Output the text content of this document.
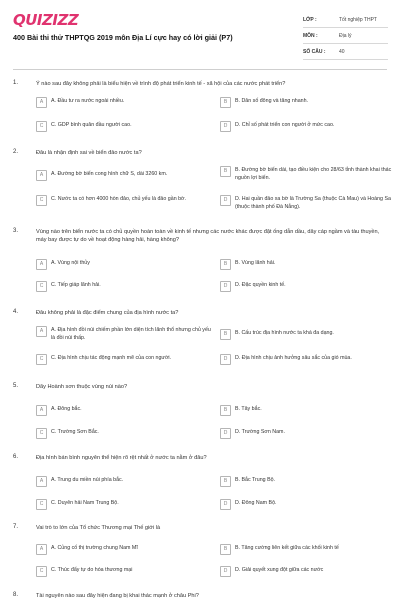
QUIZIZZ
400 Bài thi thử THPTQG 2019 môn Địa Lí cực hay có lời giải (P7)
LỚP :	Tốt nghiệp THPT
MÔN :	Địa lý
SỐ CÂU :	40
1.	Ý nào sau đây không phải là biểu hiện về trình độ phát triển kinh tế - xã hội của các nước phát triển?
A	A. Đầu tư ra nước ngoài nhiều.	B	B. Dân số đông và tăng nhanh.
C	C. GDP bình quân đầu người cao.	D	D. Chỉ số phát triển con người ở mức cao.
2.	Đâu là nhận định sai về biển đảo nước ta?
A	A. Đường bờ biển cong hình chữ S, dài 3260 km.	B	B. Đường bờ biển dài, tạo điều kiện cho 28/63 tỉnh thành khai thác nguồn lợi biển.
C	C. Nước ta có hơn 4000 hòn đảo, chủ yếu là đảo gần bờ.	D	D. Hai quần đảo xa bờ là Trường Sa (thuộc Cà Mau) và Hoàng Sa (thuộc thành phố Đà Nẵng).
3.	Vùng nào trên biển nước ta có chủ quyền hoàn toàn về kinh tế nhưng các nước khác được đặt ống dẫn dầu, dây cáp ngầm và tàu thuyền, máy bay được tự do về hoạt động hàng hải, hàng không?
A	A. Vùng nội thủy	B	B. Vùng lãnh hải.
C	C. Tiếp giáp lãnh hải.	D	D. Đặc quyền kinh tế.
4.	Đâu không phải là đặc điểm chung của địa hình nước ta?
A	A. Địa hình đồi núi chiếm phần lớn diện tích lãnh thổ nhưng chủ yếu là đồi núi thấp.
B	B. Cấu trúc địa hình nước ta khá đa dạng.
C	C. Địa hình chịu tác động mạnh mẽ của con người.	D	D. Địa hình chịu ảnh hưởng sâu sắc của gió mùa.
5.	Dãy Hoành sơn thuộc vùng núi nào?
A	A. Đông bắc.	B	B. Tây bắc.
C	C. Trường Sơn Bắc.	D	D. Trường Sơn Nam.
6.	Địa hình bán bình nguyên thể hiện rõ rệt nhất ở nước ta nằm ở đâu?
A	A. Trung du miền núi phía bắc.	B	B. Bắc Trung Bộ.
C	C. Duyên hải Nam Trung Bộ.	D	D. Đông Nam Bộ.
7.	Vai trò to lớn của Tổ chức Thương mại Thế giới là
A	A. Củng cố thị trường chung Nam Mĩ	B	B. Tăng cường liên kết giữa các khối kinh tế
C	C. Thúc đẩy tự do hóa thương mại	D	D. Giải quyết xung đột giữa các nước
8.	Tài nguyên nào sau đây hiện đang bị khai thác mạnh ở châu Phi?
